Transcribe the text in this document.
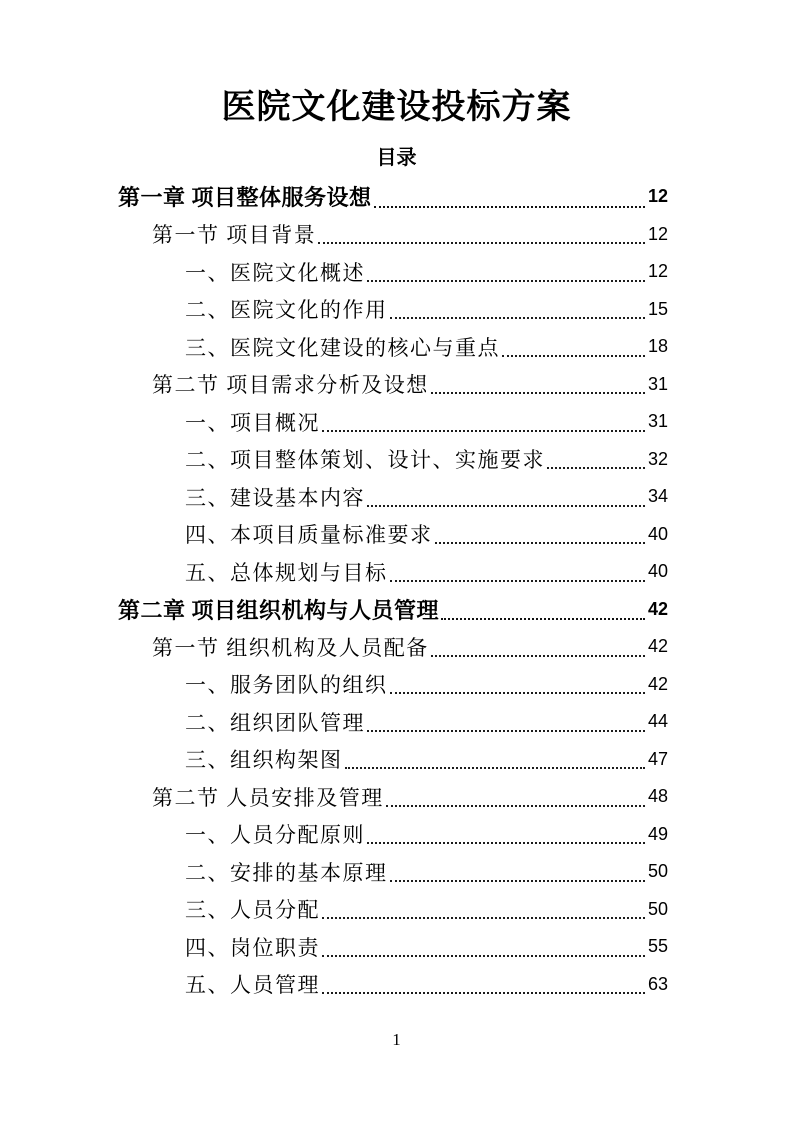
医院文化建设投标方案
目录
第一章 项目整体服务设想	12
第一节 项目背景	12
一、医院文化概述	12
二、医院文化的作用	15
三、医院文化建设的核心与重点	18
第二节 项目需求分析及设想	31
一、项目概况	31
二、项目整体策划、设计、实施要求	32
三、建设基本内容	34
四、本项目质量标准要求	40
五、总体规划与目标	40
第二章 项目组织机构与人员管理	42
第一节 组织机构及人员配备	42
一、服务团队的组织	42
二、组织团队管理	44
三、组织构架图	47
第二节 人员安排及管理	48
一、人员分配原则	49
二、安排的基本原理	50
三、人员分配	50
四、岗位职责	55
五、人员管理	63
1
